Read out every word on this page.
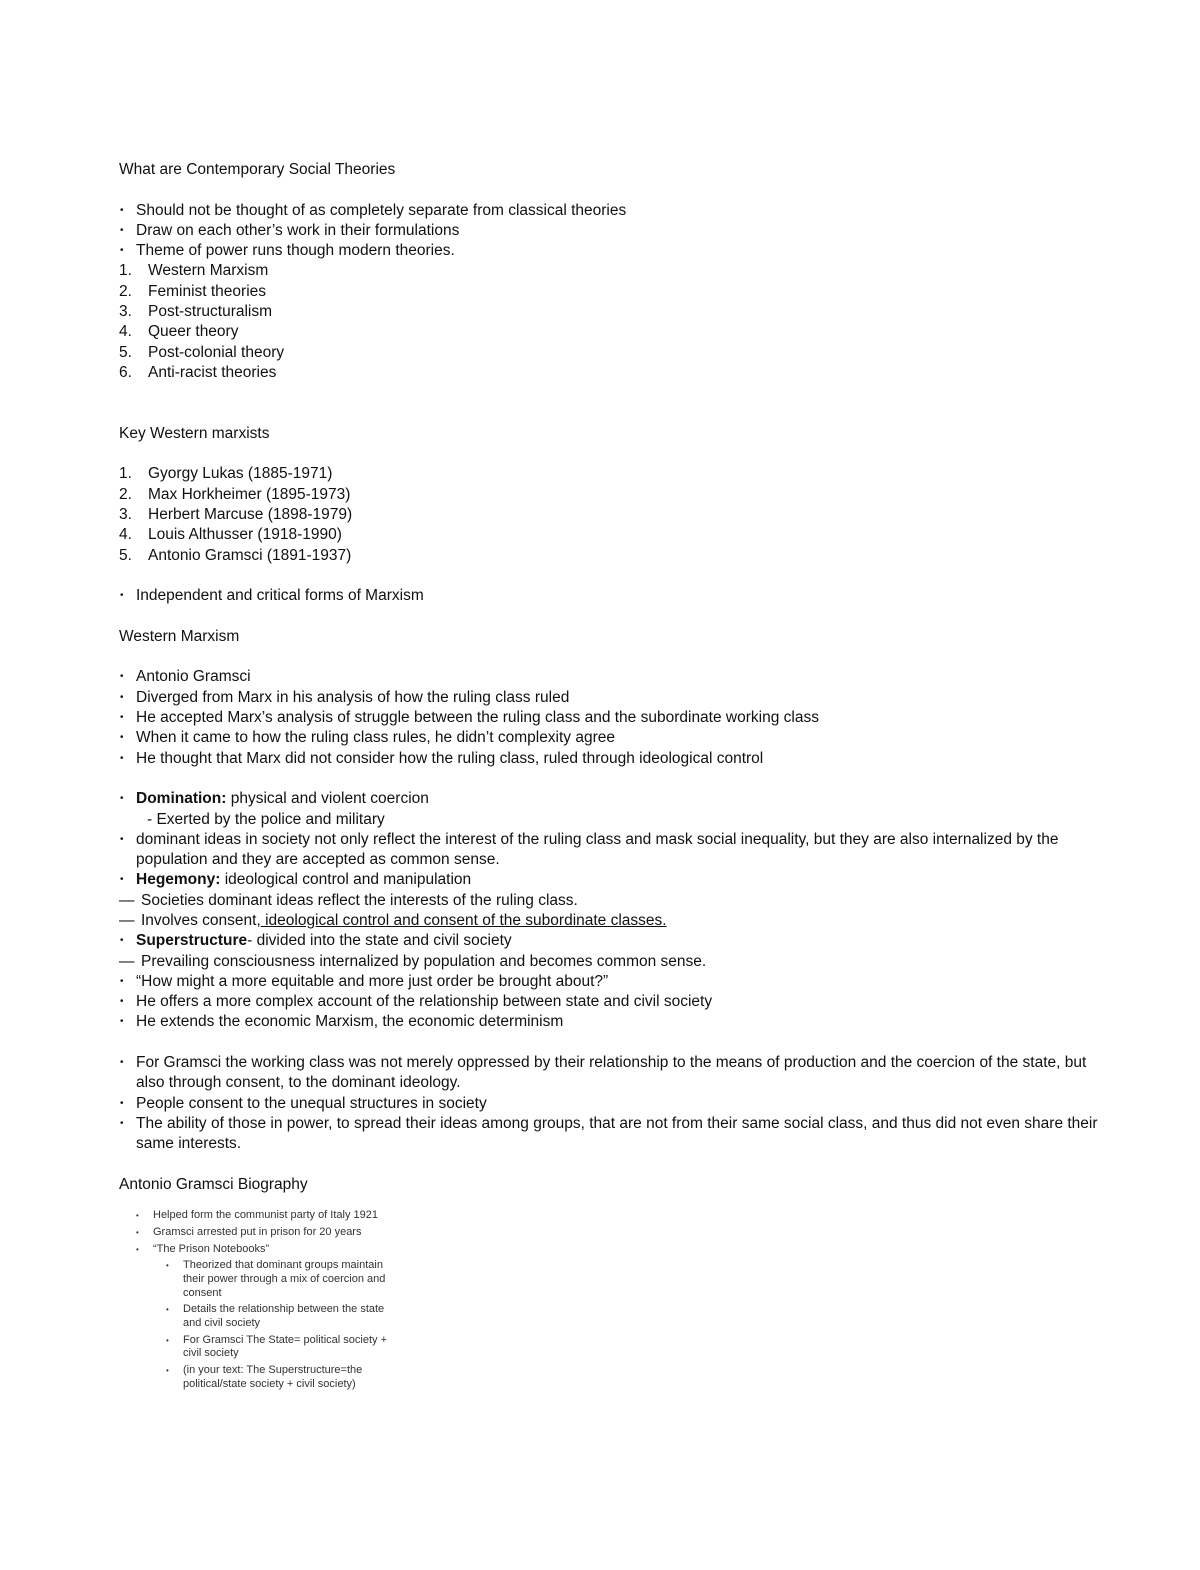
What are Contemporary Social Theories
• Should not be thought of as completely separate from classical theories
• Draw on each other’s work in their formulations
• Theme of power runs though modern theories.
1.	Western Marxism
2.	Feminist theories
3.	Post-structuralism
4.	Queer theory
5.	Post-colonial theory
6.	Anti-racist theories
Key Western marxists
1.	Gyorgy Lukas (1885-1971)
2.	Max Horkheimer (1895-1973)
3.	Herbert Marcuse (1898-1979)
4.	Louis Althusser (1918-1990)
5.	Antonio Gramsci (1891-1937)
• Independent and critical forms of Marxism
Western Marxism
• Antonio Gramsci
• Diverged from Marx in his analysis of how the ruling class ruled
• He accepted Marx’s analysis of struggle between the ruling class and the subordinate working class
• When it came to how the ruling class rules, he didn’t complexity agree
• He thought that Marx did not consider how the ruling class, ruled through ideological control
• Domination: physical and violent coercion
- Exerted by the police and military
• dominant ideas in society not only reflect the interest of the ruling class and mask social inequality, but they are also internalized by the population and they are accepted as common sense.
• Hegemony: ideological control and manipulation
— Societies dominant ideas reflect the interests of the ruling class.
— Involves consent, ideological control and consent of the subordinate classes.
• Superstructure- divided into the state and civil society
— Prevailing consciousness internalized by population and becomes common sense.
• “How might a more equitable and more just order be brought about?”
• He offers a more complex account of the relationship between state and civil society
• He extends the economic Marxism, the economic determinism
• For Gramsci the working class was not merely oppressed by their relationship to the means of production and the coercion of the state, but also through consent, to the dominant ideology.
• People consent to the unequal structures in society
• The ability of those in power, to spread their ideas among groups, that are not from their same social class, and thus did not even share their same interests.
Antonio Gramsci Biography
•	Helped form the communist party of Italy 1921
•	Gramsci arrested put in prison for 20 years
•	“The Prison Notebooks”
•	Theorized that dominant groups maintain their power through a mix of coercion and consent
•	Details the relationship between the state and civil society
•	For Gramsci The State= political society + civil society
•	(in your text: The Superstructure=the political/state society + civil society)
